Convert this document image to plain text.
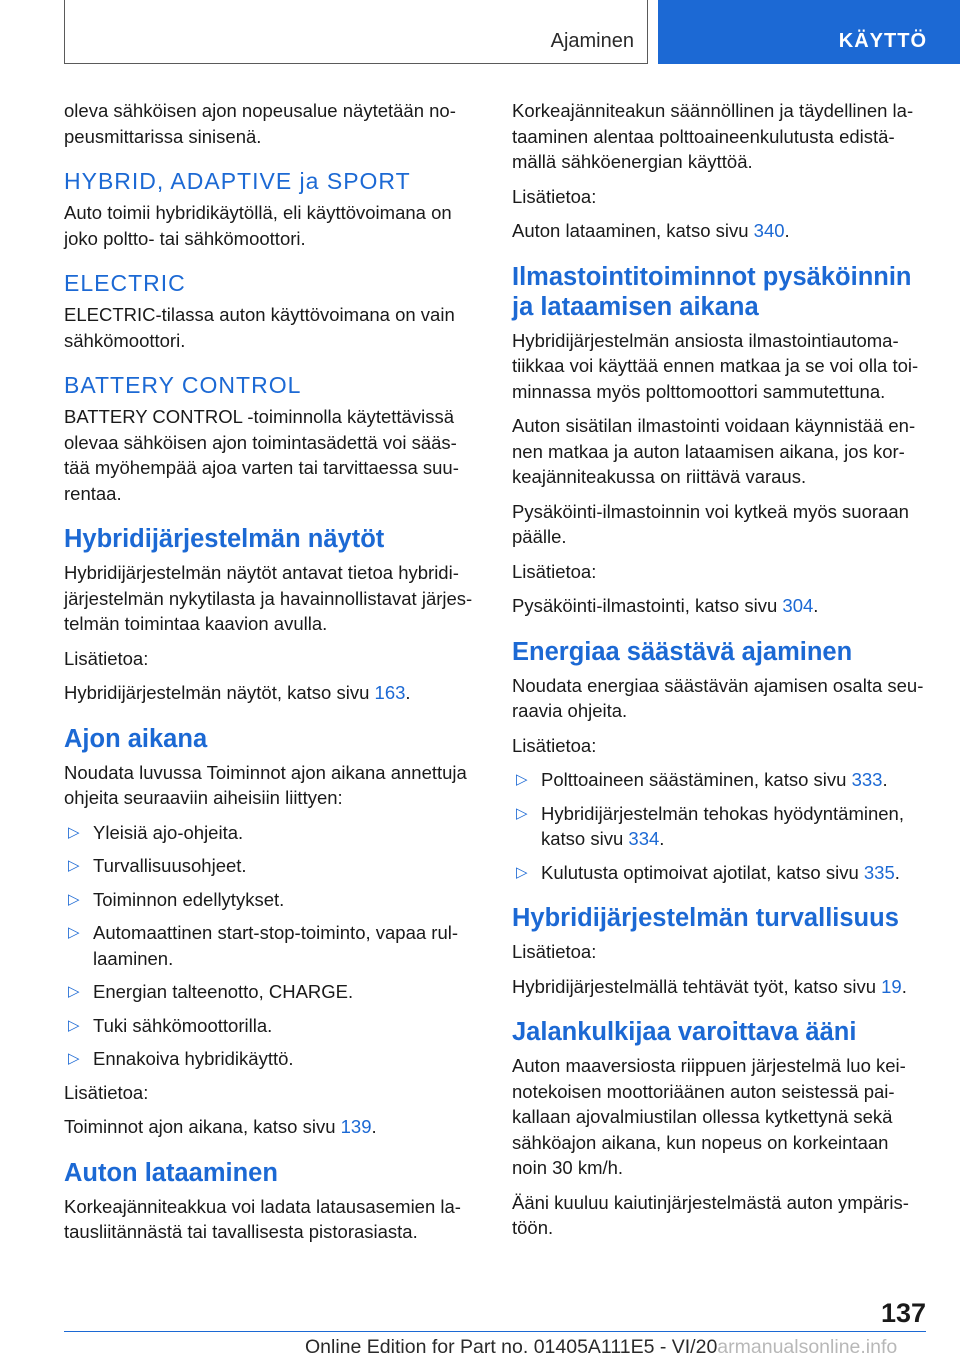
Ajaminen	KÄYTTÖ

oleva sähköisen ajon nopeusalue näytetään no-peusmittarissa sinisenä.

HYBRID, ADAPTIVE ja SPORT

Auto toimii hybridikäytöllä, eli käyttövoimana on joko poltto- tai sähkömoottori.

ELECTRIC

ELECTRIC-tilassa auton käyttövoimana on vain sähkömoottori.

BATTERY CONTROL

BATTERY CONTROL -toiminnolla käytettävissä olevaa sähköisen ajon toimintasädettä voi sääs-tää myöhempää ajoa varten tai tarvittaessa suu-rentaa.

Hybridijärjestelmän näytöt

Hybridijärjestelmän näytöt antavat tietoa hybridi-järjestelmän nykytilasta ja havainnollistavat järjes-telmän toimintaa kaavion avulla.

Lisätietoa:

Hybridijärjestelmän näytöt, katso sivu 163.

Ajon aikana

Noudata luvussa Toiminnot ajon aikana annettuja ohjeita seuraaviin aiheisiin liittyen:

▷ Yleisiä ajo-ohjeita.
▷ Turvallisuusohjeet.
▷ Toiminnon edellytykset.
▷ Automaattinen start-stop-toiminto, vapaa rul-laaminen.
▷ Energian talteenotto, CHARGE.
▷ Tuki sähkömoottorilla.
▷ Ennakoiva hybridikäyttö.

Lisätietoa:

Toiminnot ajon aikana, katso sivu 139.

Auton lataaminen

Korkeajänniteakkua voi ladata latausasemien la-tausliitännästä tai tavallisesta pistorasiasta.

Korkeajänniteakun säännöllinen ja täydellinen la-taaminen alentaa polttoaineenkulutusta edistä-mällä sähköenergian käyttöä.

Lisätietoa:

Auton lataaminen, katso sivu 340.

Ilmastointitoiminnot pysäköinnin ja lataamisen aikana

Hybridijärjestelmän ansiosta ilmastointiautoma-tiikkaa voi käyttää ennen matkaa ja se voi olla toi-minnassa myös polttomoottori sammutettuna.

Auton sisätilan ilmastointi voidaan käynnistää en-nen matkaa ja auton lataamisen aikana, jos kor-keajänniteakussa on riittävä varaus.

Pysäköinti-ilmastoinnin voi kytkeä myös suoraan päälle.

Lisätietoa:

Pysäköinti-ilmastointi, katso sivu 304.

Energiaa säästävä ajaminen

Noudata energiaa säästävän ajamisen osalta seu-raavia ohjeita.

Lisätietoa:

▷ Polttoaineen säästäminen, katso sivu 333.
▷ Hybridijärjestelmän tehokas hyödyntäminen, katso sivu 334.
▷ Kulutusta optimoivat ajotilat, katso sivu 335.
Hybridijärjestelmän turvallisuus

Lisätietoa:

Hybridijärjestelmällä tehtävät työt, katso sivu 19.

Jalankulkijaa varoittava ääni

Auton maaversiosta riippuen järjestelmä luo kei-notekoisen moottoriäänen auton seistessä pai-kallaan ajovalmiustilan ollessa kytkettynä sekä sähköajon aikana, kun nopeus on korkeintaan noin 30 km/h.

Ääni kuuluu kaiutinjärjestelmästä auton ympäris-töön.

137
Online Edition for Part no. 01405A111E5 - VI/20armanualsonline.info
